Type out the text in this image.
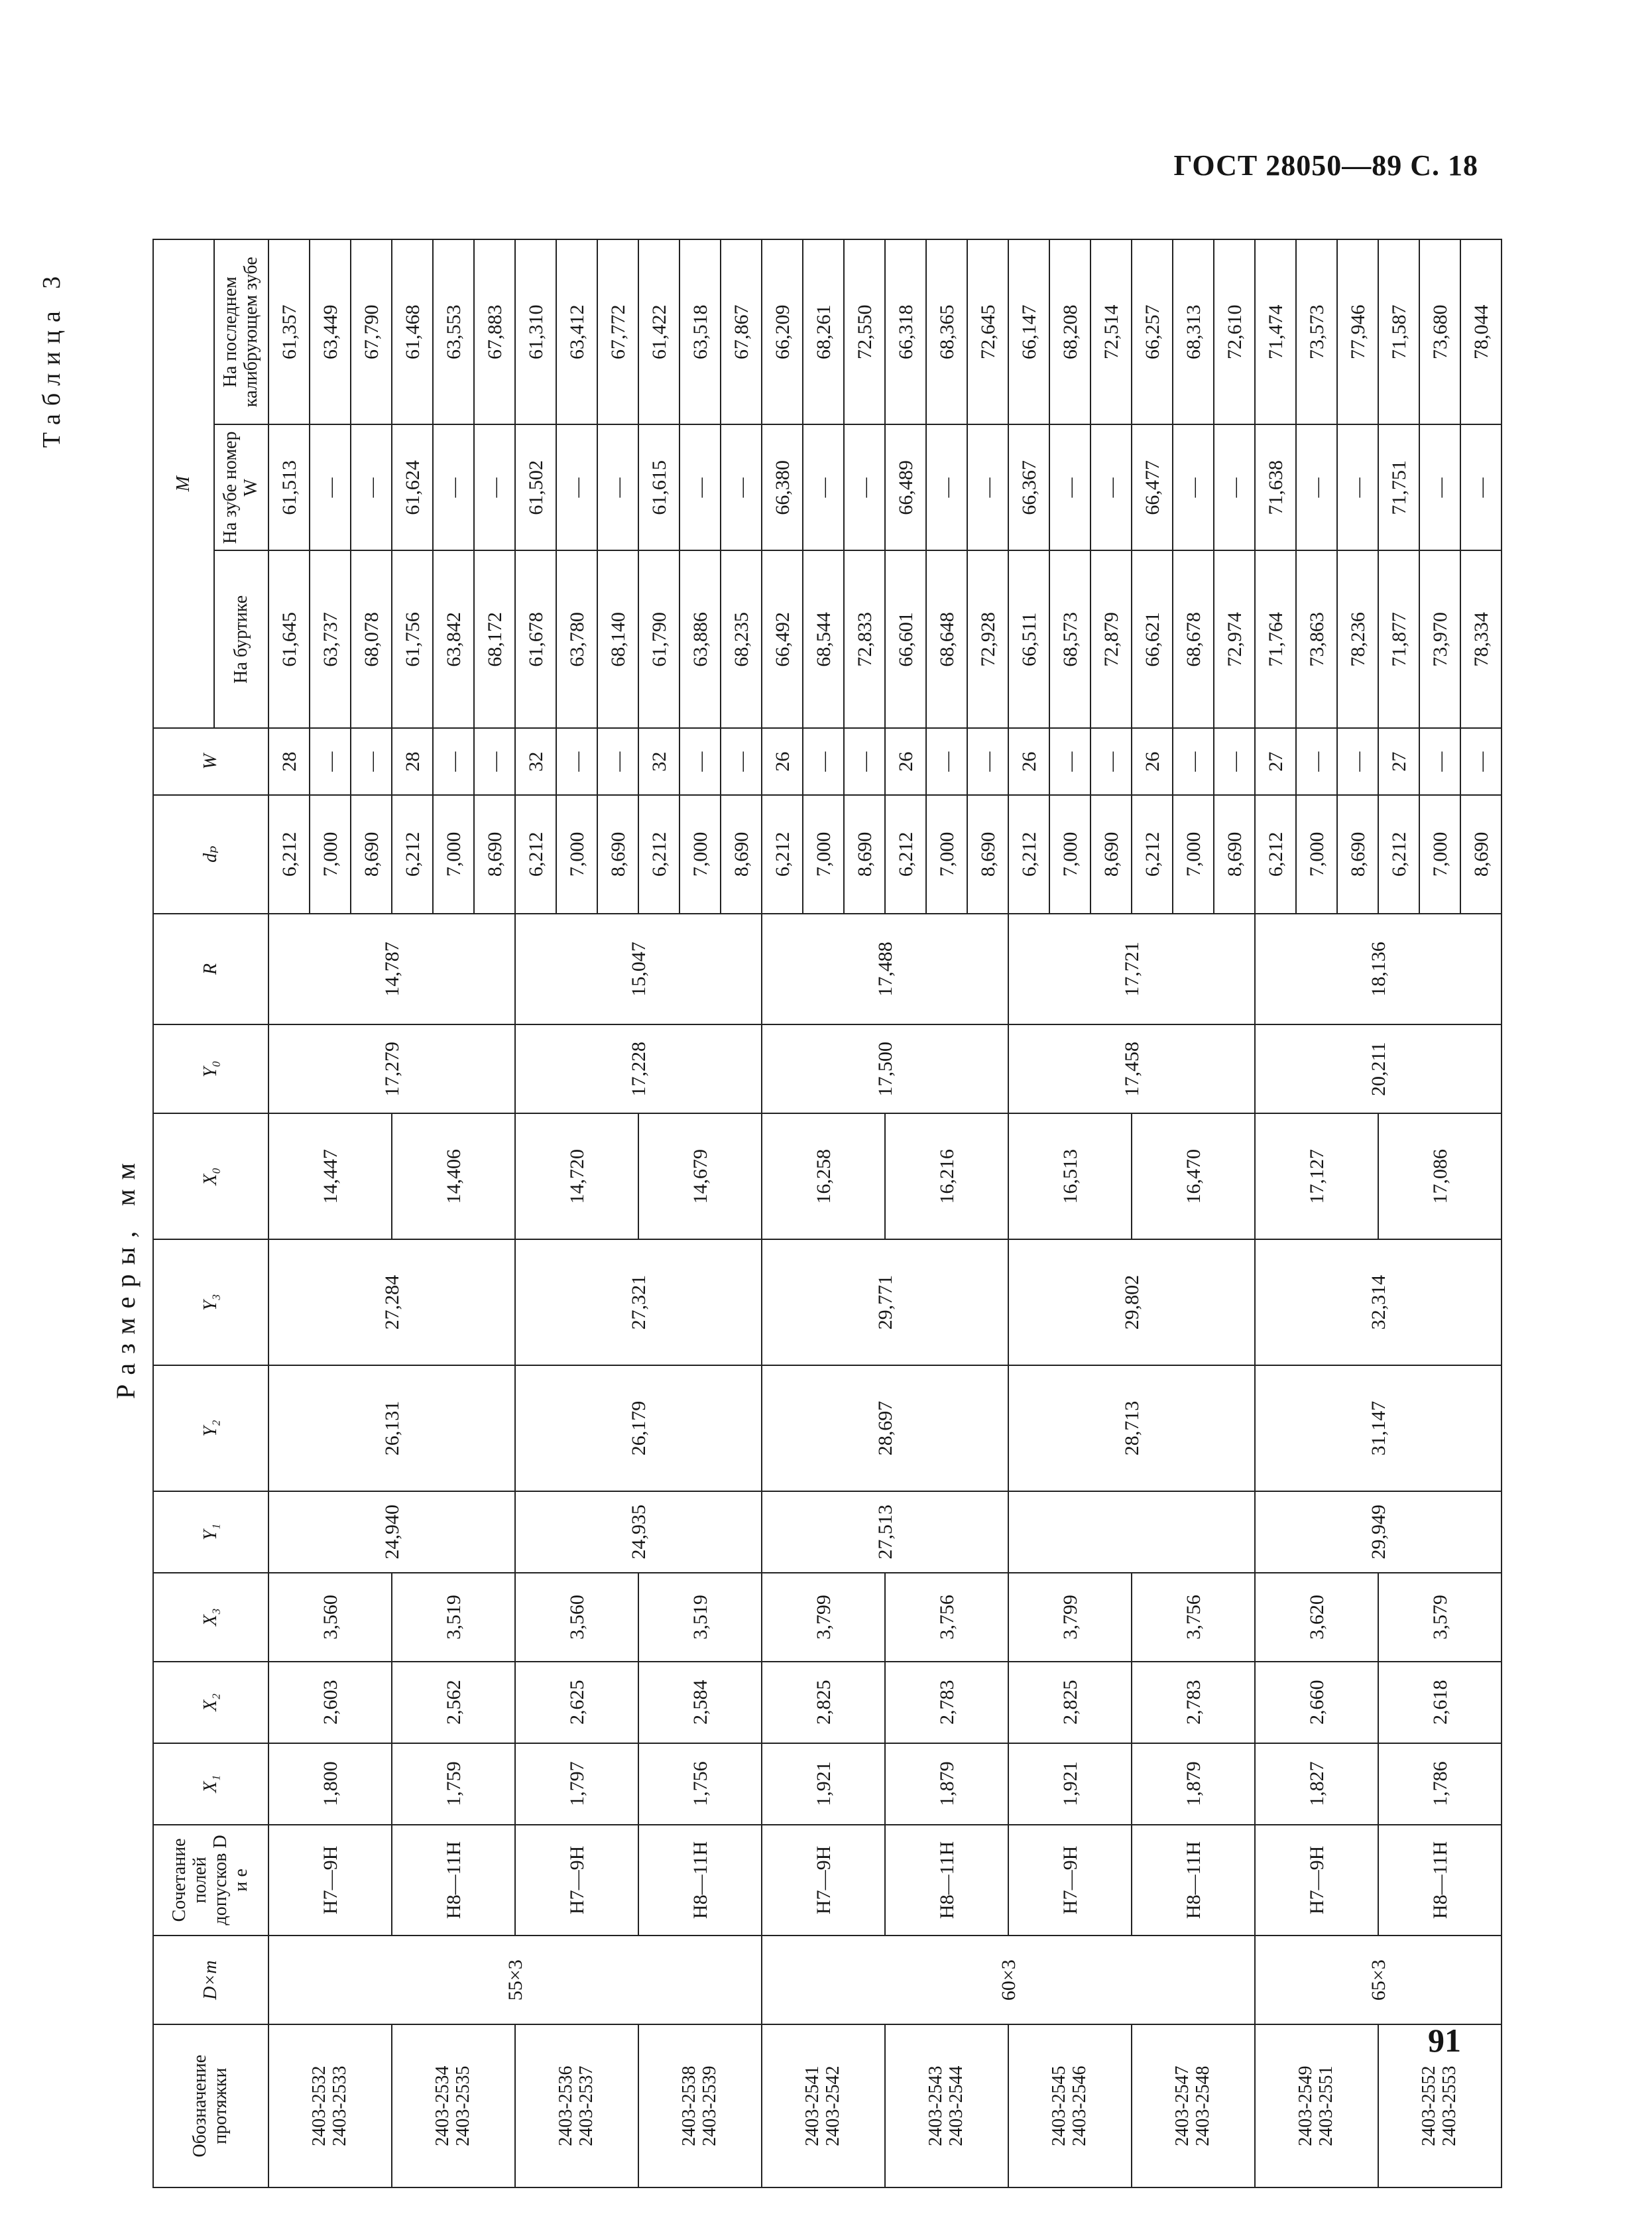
ГОСТ 28050—89 С. 18
Таблица 3
			Размеры, мм													
Обозначение протяжки	D×m	Сочетание полей допусков D и e	X₁	X₂	X₃	Y₁	Y₂	Y₃	X₀	Y₀	R	dₚ	W	M		
														На буртике	На зубе номер W	На последнем калибрующем зубе
2403-2532
2403-2533	55×3	H7—9H	1,800	2,603	3,560	24,940	26,131	27,284	14,447	17,279	14,787	6,212	28	61,645	61,513	61,357
												7,000	—	63,737	—	63,449
												8,690	—	68,078	—	67,790
2403-2534
2403-2535		H8—11H	1,759	2,562	3,519				14,406			6,212	28	61,756	61,624	61,468
												7,000	—	63,842	—	63,553
												8,690	—	68,172	—	67,883
2403-2536
2403-2537		H7—9H	1,797	2,625	3,560	24,935	26,179	27,321	14,720	17,228	15,047	6,212	32	61,678	61,502	61,310
												7,000	—	63,780	—	63,412
												8,690	—	68,140	—	67,772
2403-2538
2403-2539		H8—11H	1,756	2,584	3,519				14,679			6,212	32	61,790	61,615	61,422
												7,000	—	63,886	—	63,518
												8,690	—	68,235	—	67,867
2403-2541
2403-2542	60×3	H7—9H	1,921	2,825	3,799	27,513	28,697	29,771	16,258	17,500	17,488	6,212	26	66,492	66,380	66,209
												7,000	—	68,544	—	68,261
												8,690	—	72,833	—	72,550
2403-2543
2403-2544		H8—11H	1,879	2,783	3,756				16,216			6,212	26	66,601	66,489	66,318
												7,000	—	68,648	—	68,365
												8,690	—	72,928	—	72,645
2403-2545
2403-2546		H7—9H	1,921	2,825	3,799		28,713	29,802	16,513	17,458	17,721	6,212	26	66,511	66,367	66,147
												7,000	—	68,573	—	68,208
												8,690	—	72,879	—	72,514
2403-2547
2403-2548		H8—11H	1,879	2,783	3,756				16,470			6,212	26	66,621	66,477	66,257
												7,000	—	68,678	—	68,313
												8,690	—	72,974	—	72,610
2403-2549
2403-2551	65×3	H7—9H	1,827	2,660	3,620	29,949	31,147	32,314	17,127	20,211	18,136	6,212	27	71,764	71,638	71,474
												7,000	—	73,863	—	73,573
												8,690	—	78,236	—	77,946
2403-2552
2403-2553		H8—11H	1,786	2,618	3,579				17,086			6,212	27	71,877	71,751	71,587
												7,000	—	73,970	—	73,680
												8,690	—	78,334	—	78,044
91
